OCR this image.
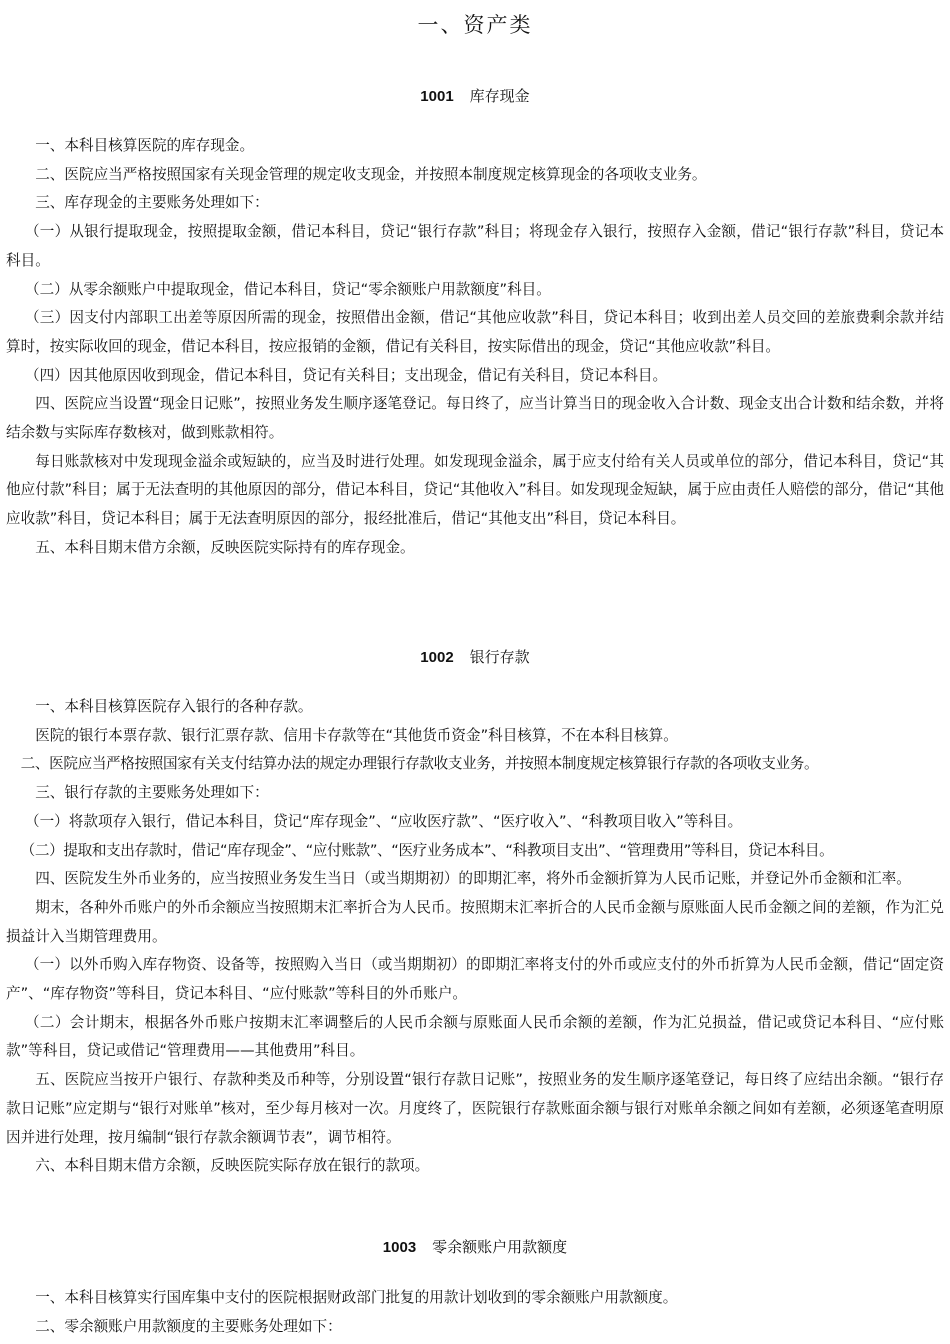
一、资产类
1001 库存现金

一、本科目核算医院的库存现金。

二、医院应当严格按照国家有关现金管理的规定收支现金，并按照本制度规定核算现金的各项收支业务。

三、库存现金的主要账务处理如下：

（一）从银行提取现金，按照提取金额，借记本科目，贷记“银行存款”科目；将现金存入银行，按照存入金额，借记“银行存款”科目，贷记本科目。

（二）从零余额账户中提取现金，借记本科目，贷记“零余额账户用款额度”科目。

（三）因支付内部职工出差等原因所需的现金，按照借出金额，借记“其他应收款”科目，贷记本科目；收到出差人员交回的差旅费剩余款并结算时，按实际收回的现金，借记本科目，按应报销的金额，借记有关科目，按实际借出的现金，贷记“其他应收款”科目。

（四）因其他原因收到现金，借记本科目，贷记有关科目；支出现金，借记有关科目，贷记本科目。

四、医院应当设置“现金日记账”，按照业务发生顺序逐笔登记。每日终了，应当计算当日的现金收入合计数、现金支出合计数和结余数，并将结余数与实际库存数核对，做到账款相符。

每日账款核对中发现现金溢余或短缺的，应当及时进行处理。如发现现金溢余，属于应支付给有关人员或单位的部分，借记本科目，贷记“其他应付款”科目；属于无法查明的其他原因的部分，借记本科目，贷记“其他收入”科目。如发现现金短缺，属于应由责任人赔偿的部分，借记“其他应收款”科目，贷记本科目；属于无法查明原因的部分，报经批准后，借记“其他支出”科目，贷记本科目。

五、本科目期末借方余额，反映医院实际持有的库存现金。

1002 银行存款

一、本科目核算医院存入银行的各种存款。

医院的银行本票存款、银行汇票存款、信用卡存款等在“其他货币资金”科目核算，不在本科目核算。

二、医院应当严格按照国家有关支付结算办法的规定办理银行存款收支业务，并按照本制度规定核算银行存款的各项收支业务。

三、银行存款的主要账务处理如下：

（一）将款项存入银行，借记本科目，贷记“库存现金”、“应收医疗款”、“医疗收入”、“科教项目收入”等科目。

（二）提取和支出存款时，借记“库存现金”、“应付账款”、“医疗业务成本”、“科教项目支出”、“管理费用”等科目，贷记本科目。

四、医院发生外币业务的，应当按照业务发生当日（或当期期初）的即期汇率，将外币金额折算为人民币记账，并登记外币金额和汇率。

期末，各种外币账户的外币余额应当按照期末汇率折合为人民币。按照期末汇率折合的人民币金额与原账面人民币金额之间的差额，作为汇兑损益计入当期管理费用。

（一）以外币购入库存物资、设备等，按照购入当日（或当期期初）的即期汇率将支付的外币或应支付的外币折算为人民币金额，借记“固定资产”、“库存物资”等科目，贷记本科目、“应付账款”等科目的外币账户。

（二）会计期末，根据各外币账户按期末汇率调整后的人民币余额与原账面人民币余额的差额，作为汇兑损益，借记或贷记本科目、“应付账款”等科目，贷记或借记“管理费用——其他费用”科目。

五、医院应当按开户银行、存款种类及币种等，分别设置“银行存款日记账”，按照业务的发生顺序逐笔登记，每日终了应结出余额。“银行存款日记账”应定期与“银行对账单”核对，至少每月核对一次。月度终了，医院银行存款账面余额与银行对账单余额之间如有差额，必须逐笔查明原因并进行处理，按月编制“银行存款余额调节表”，调节相符。

六、本科目期末借方余额，反映医院实际存放在银行的款项。

1003 零余额账户用款额度

一、本科目核算实行国库集中支付的医院根据财政部门批复的用款计划收到的零余额账户用款额度。

二、零余额账户用款额度的主要账务处理如下：
